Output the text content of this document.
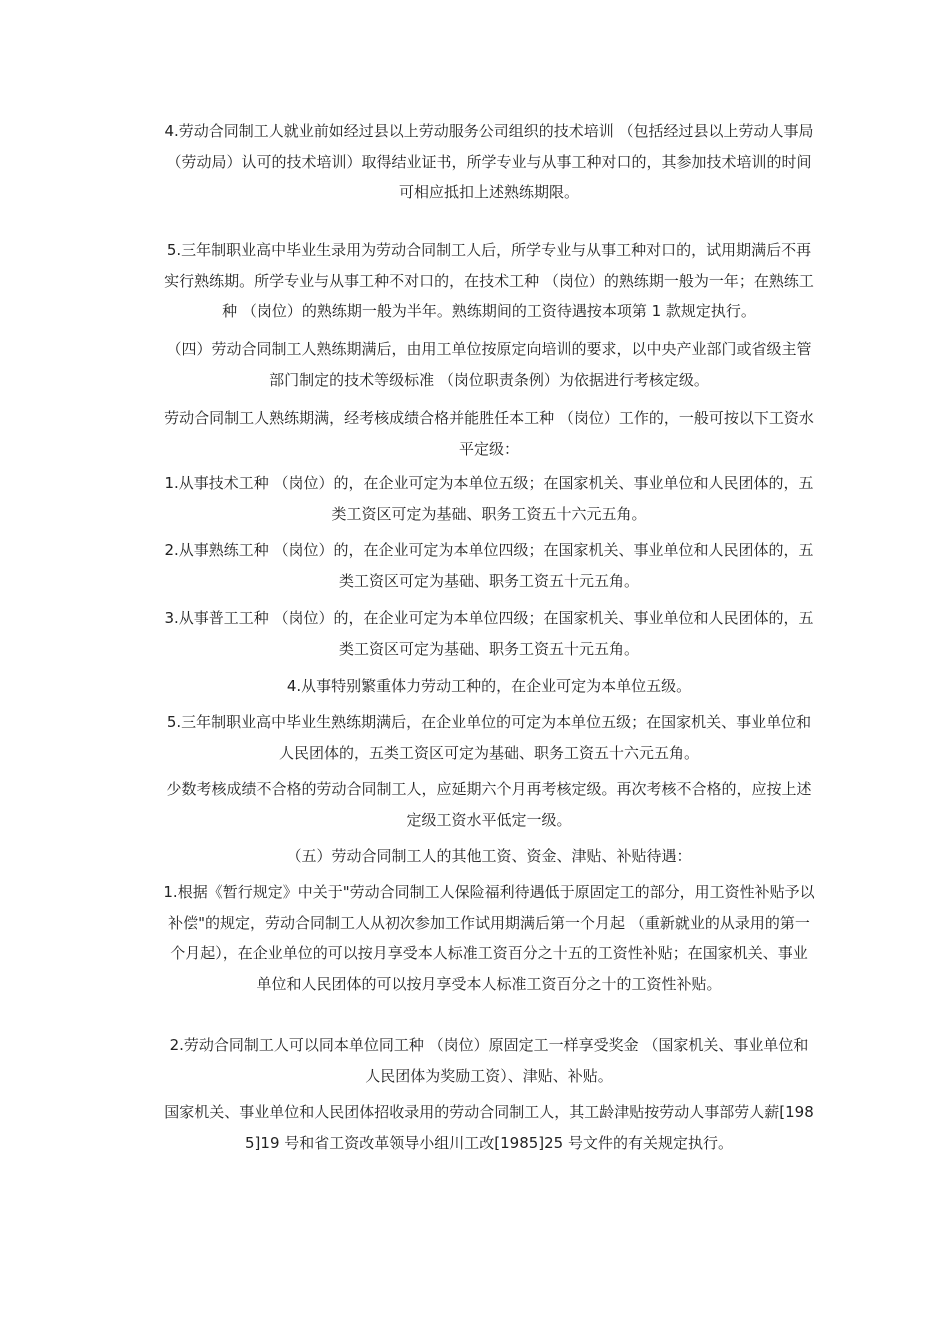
4.劳动合同制工人就业前如经过县以上劳动服务公司组织的技术培训 （包括经过县以上劳动人事局 （劳动局）认可的技术培训）取得结业证书，所学专业与从事工种对口的，其参加技术培训的时间可相应抵扣上述熟练期限。

5.三年制职业高中毕业生录用为劳动合同制工人后，所学专业与从事工种对口的，试用期满后不再实行熟练期。所学专业与从事工种不对口的，在技术工种 （岗位）的熟练期一般为一年；在熟练工种 （岗位）的熟练期一般为半年。熟练期间的工资待遇按本项第 1 款规定执行。

（四）劳动合同制工人熟练期满后，由用工单位按原定向培训的要求，以中央产业部门或省级主管部门制定的技术等级标准 （岗位职责条例）为依据进行考核定级。

劳动合同制工人熟练期满，经考核成绩合格并能胜任本工种 （岗位）工作的，一般可按以下工资水平定级：

1.从事技术工种 （岗位）的，在企业可定为本单位五级；在国家机关、事业单位和人民团体的，五类工资区可定为基础、职务工资五十六元五角。

2.从事熟练工种 （岗位）的，在企业可定为本单位四级；在国家机关、事业单位和人民团体的，五类工资区可定为基础、职务工资五十元五角。

3.从事普工工种 （岗位）的，在企业可定为本单位四级；在国家机关、事业单位和人民团体的，五类工资区可定为基础、职务工资五十元五角。

4.从事特别繁重体力劳动工种的，在企业可定为本单位五级。

5.三年制职业高中毕业生熟练期满后，在企业单位的可定为本单位五级；在国家机关、事业单位和人民团体的，五类工资区可定为基础、职务工资五十六元五角。

少数考核成绩不合格的劳动合同制工人，应延期六个月再考核定级。再次考核不合格的，应按上述定级工资水平低定一级。

（五）劳动合同制工人的其他工资、资金、津贴、补贴待遇：

1.根据《暂行规定》中关于"劳动合同制工人保险福利待遇低于原固定工的部分，用工资性补贴予以补偿"的规定，劳动合同制工人从初次参加工作试用期满后第一个月起 （重新就业的从录用的第一个月起），在企业单位的可以按月享受本人标准工资百分之十五的工资性补贴；在国家机关、事业单位和人民团体的可以按月享受本人标准工资百分之十的工资性补贴。

2.劳动合同制工人可以同本单位同工种 （岗位）原固定工一样享受奖金 （国家机关、事业单位和人民团体为奖励工资）、津贴、补贴。

国家机关、事业单位和人民团体招收录用的劳动合同制工人，其工龄津贴按劳动人事部劳人薪[1985]19 号和省工资改革领导小组川工改[1985]25 号文件的有关规定执行。
